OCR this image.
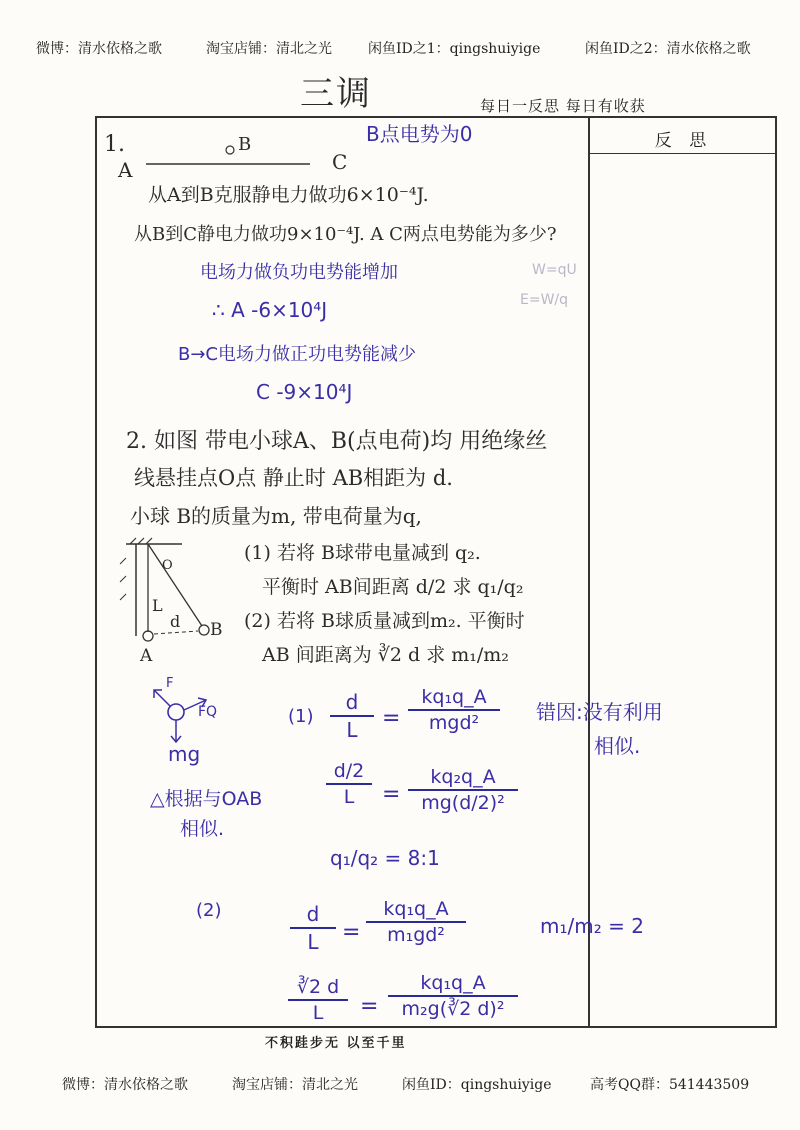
微博：清水依格之歌	淘宝店铺：清北之光	闲鱼ID之1：qingshuiyige	闲鱼ID之2：清水依格之歌
三调	每日一反思 每日有收获
反 思
1.
A
B
C
B点电势为0
从A到B克服静电力做功6×10⁻⁴J.
从B到C静电力做功9×10⁻⁴J. A C两点电势能为多少?
电场力做负功电势能增加
∴ A -6×10⁴J
B→C电场力做正功电势能减少
C -9×10⁴J
W=qU
E=W/q
2. 如图 带电小球A、B(点电荷)均 用绝缘丝
线悬挂点O点 静止时 AB相距为 d.
小球 B的质量为m, 带电荷量为q,
O
L
d
A
B
(1) 若将 B球带电量减到 q₂.
平衡时 AB间距离 d/2 求 q₁/q₂
(2) 若将 B球质量减到m₂. 平衡时
AB 间距离为 ∛2 d 求 m₁/m₂
F
FQ
mg
(1)
d
L	=
kq₁q_A
mgd²	错因:没有利用
相似.
d/2
L	=
kq₂q_A
mg(d/2)²
△根据与OAB
相似.
q₁/q₂ = 8:1
(2)	d
L	=
kq₁q_A
m₁gd²	m₁/m₂ = 2
∛2 d
L	=
kq₁q_A
m₂g(∛2 d)²
不积跬步无 以至千里
微博：清水依格之歌	淘宝店铺：清北之光	闲鱼ID：qingshuiyige	高考QQ群：541443509
